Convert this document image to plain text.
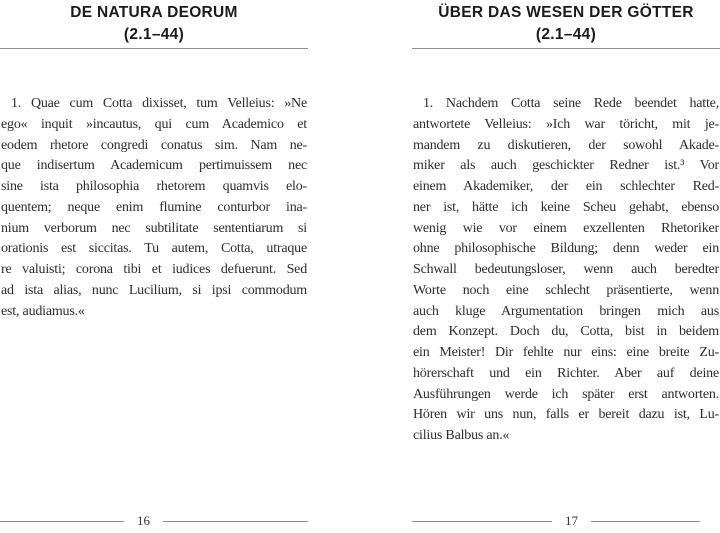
DE NATURA DEORUM
(2.1–44)
1. Quae cum Cotta dixisset, tum Velleius: »Ne
ego« inquit »incautus, qui cum Academico et
eodem rhetore congredi conatus sim. Nam ne-
que indisertum Academicum pertimuissem nec
sine ista philosophia rhetorem quamvis elo-
quentem; neque enim flumine conturbor ina-
nium verborum nec subtilitate sententiarum si
orationis est siccitas. Tu autem, Cotta, utraque
re valuisti; corona tibi et iudices defuerunt. Sed
ad ista alias, nunc Lucilium, si ipsi commodum
est, audiamus.«
16
ÜBER DAS WESEN DER GÖTTER
(2.1–44)
1. Nachdem Cotta seine Rede beendet hatte,
antwortete Velleius: »Ich war töricht, mit je-
mandem zu diskutieren, der sowohl Akade-
miker als auch geschickter Redner ist.³ Vor
einem Akademiker, der ein schlechter Red-
ner ist, hätte ich keine Scheu gehabt, ebenso
wenig wie vor einem exzellenten Rhetoriker
ohne philosophische Bildung; denn weder ein
Schwall bedeutungsloser, wenn auch beredter
Worte noch eine schlecht präsentierte, wenn
auch kluge Argumentation bringen mich aus
dem Konzept. Doch du, Cotta, bist in beidem
ein Meister! Dir fehlte nur eins: eine breite Zu-
hörerschaft und ein Richter. Aber auf deine
Ausführungen werde ich später erst antworten.
Hören wir uns nun, falls er bereit dazu ist, Lu-
cilius Balbus an.«
17
